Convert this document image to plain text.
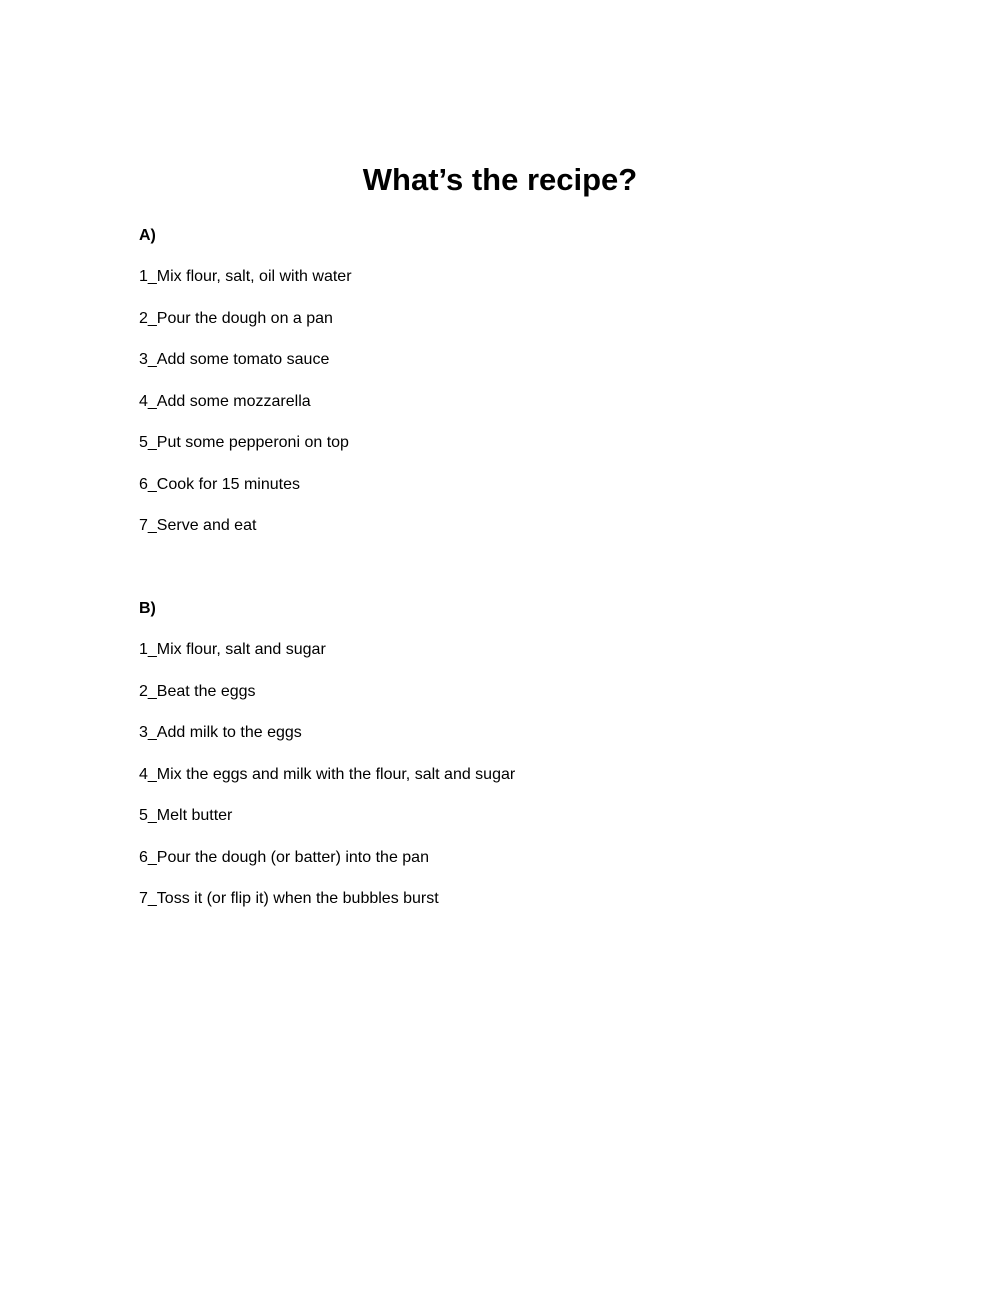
What’s the recipe?
A)
1_Mix flour, salt, oil with water
2_Pour the dough on a pan
3_Add some tomato sauce
4_Add some mozzarella
5_Put some pepperoni on top
6_Cook for 15 minutes
7_Serve and eat
B)
1_Mix flour, salt and sugar
2_Beat the eggs
3_Add milk to the eggs
4_Mix the eggs and milk with the flour, salt and sugar
5_Melt butter
6_Pour the dough (or batter) into the pan
7_Toss it (or flip it) when the bubbles burst
